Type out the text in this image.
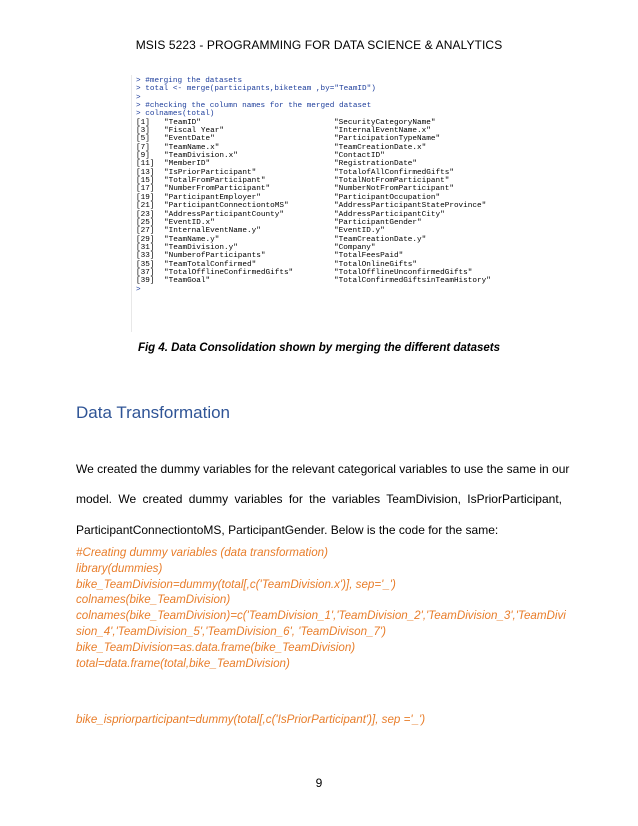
MSIS 5223 - PROGRAMMING FOR DATA SCIENCE & ANALYTICS
> #merging the datasets
> total <- merge(participants,biketeam ,by="TeamID")
>
> #checking the column names for the merged dataset
> colnames(total)
[1] "TeamID"	"SecurityCategoryName"
[3] "Fiscal Year"	"InternalEventName.x"
[5] "EventDate"	"ParticipationTypeName"
[7] "TeamName.x"	"TeamCreationDate.x"
[9] "TeamDivision.x"	"ContactID"
[11] "MemberID"	"RegistrationDate"
[13] "IsPriorParticipant"	"TotalofAllConfirmedGifts"
[15] "TotalFromParticipant"	"TotalNotFromParticipant"
[17] "NumberFromParticipant"	"NumberNotFromParticipant"
[19] "ParticipantEmployer"	"ParticipantOccupation"
[21] "ParticipantConnectiontoMS"	"AddressParticipantStateProvince"
[23] "AddressParticipantCounty"	"AddressParticipantCity"
[25] "EventID.x"	"ParticipantGender"
[27] "InternalEventName.y"	"EventID.y"
[29] "TeamName.y"	"TeamCreationDate.y"
[31] "TeamDivision.y"	"Company"
[33] "NumberofParticipants"	"TotalFeesPaid"
[35] "TeamTotalConfirmed"	"TotalOnlineGifts"
[37] "TotalOfflineConfirmedGifts"	"TotalOfflineUnconfirmedGifts"
[39] "TeamGoal"	"TotalConfirmedGiftsinTeamHistory"
>
Fig 4. Data Consolidation shown by merging the different datasets
Data Transformation
We created the dummy variables for the relevant categorical variables to use the same in our
model. We created dummy variables for the variables TeamDivision, IsPriorParticipant,
ParticipantConnectiontoMS, ParticipantGender. Below is the code for the same:
#Creating dummy variables (data transformation)
library(dummies)
bike_TeamDivision=dummy(total[,c('TeamDivision.x')], sep='_')
colnames(bike_TeamDivision)
colnames(bike_TeamDivision)=c('TeamDivision_1','TeamDivision_2','TeamDivision_3','TeamDivi
sion_4','TeamDivision_5','TeamDivision_6', 'TeamDivison_7')
bike_TeamDivision=as.data.frame(bike_TeamDivision)
total=data.frame(total,bike_TeamDivision)
bike_ispriorparticipant=dummy(total[,c('IsPriorParticipant')], sep ='_')
9
